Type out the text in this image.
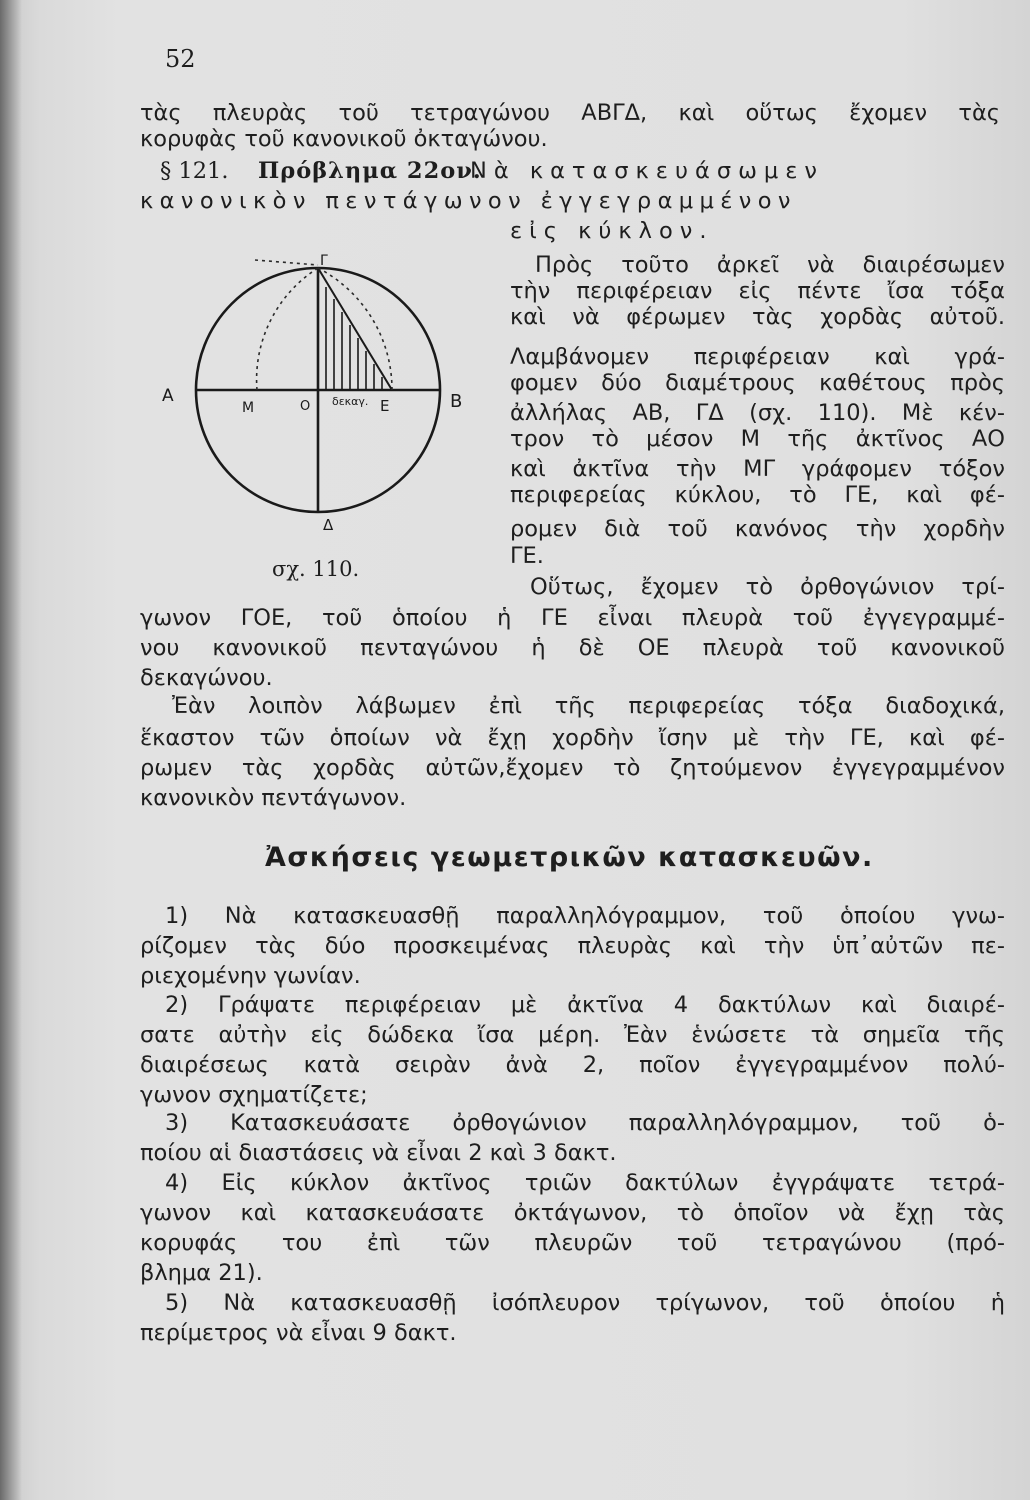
52
τὰς πλευρὰς τοῦ τετραγώνου ΑΒΓΔ, καὶ οὕτως ἔχομεν τὰς
κορυφὰς τοῦ κανονικοῦ ὀκταγώνου.
§ 121. Πρόβλημα 22ον.
Νὰ κατασκευάσωμεν
κανονικὸν πεντάγωνον ἐγγεγραμμένον
εἰς κύκλον.
Α	Β
Γ
Δ
Μ	Ο	Ε
δεκαγ.
σχ. 110.
Πρὸς τοῦτο ἀρκεῖ νὰ διαιρέσωμεν
τὴν περιφέρειαν εἰς πέντε ἴσα τόξα
καὶ νὰ φέρωμεν τὰς χορδὰς αὐτοῦ.
Λαμβάνομεν περιφέρειαν καὶ γρά-
φομεν δύο διαμέτρους καθέτους πρὸς
ἀλλήλας ΑΒ, ΓΔ (σχ. 110). Μὲ κέν-
τρον τὸ μέσον Μ τῆς ἀκτῖνος ΑΟ
καὶ ἀκτῖνα τὴν ΜΓ γράφομεν τόξον
περιφερείας κύκλου, τὸ ΓΕ, καὶ φέ-
ρομεν διὰ τοῦ κανόνος τὴν χορδὴν
ΓΕ.
Οὕτως, ἔχομεν τὸ ὀρθογώνιον τρί-
γωνον ΓΟΕ, τοῦ ὁποίου ἡ ΓΕ εἶναι πλευρὰ τοῦ ἐγγεγραμμέ-
νου κανονικοῦ πενταγώνου ἡ δὲ ΟΕ πλευρὰ τοῦ κανονικοῦ
δεκαγώνου.
Ἐὰν λοιπὸν λάβωμεν ἐπὶ τῆς περιφερείας τόξα διαδοχικά,
ἕκαστον τῶν ὁποίων νὰ ἔχῃ χορδὴν ἴσην μὲ τὴν ΓΕ, καὶ φέ-
ρωμεν τὰς χορδὰς αὐτῶν,ἔχομεν τὸ ζητούμενον ἐγγεγραμμένον
κανονικὸν πεντάγωνον.
Ἀσκήσεις γεωμετρικῶν κατασκευῶν.
1) Νὰ κατασκευασθῇ παραλληλόγραμμον, τοῦ ὁποίου γνω-
ρίζομεν τὰς δύο προσκειμένας πλευρὰς καὶ τὴν ὑπ᾿αὐτῶν πε-
ριεχομένην γωνίαν.
2) Γράψατε περιφέρειαν μὲ ἀκτῖνα 4 δακτύλων καὶ διαιρέ-
σατε αὐτὴν εἰς δώδεκα ἴσα μέρη. Ἐὰν ἑνώσετε τὰ σημεῖα τῆς
διαιρέσεως κατὰ σειρὰν ἀνὰ 2, ποῖον ἐγγεγραμμένον πολύ-
γωνον σχηματίζετε;
3) Κατασκευάσατε ὀρθογώνιον παραλληλόγραμμον, τοῦ ὁ-
ποίου αἱ διαστάσεις νὰ εἶναι 2 καὶ 3 δακτ.
4) Εἰς κύκλον ἀκτῖνος τριῶν δακτύλων ἐγγράψατε τετρά-
γωνον καὶ κατασκευάσατε ὀκτάγωνον, τὸ ὁποῖον νὰ ἔχῃ τὰς
κορυφάς του ἐπὶ τῶν πλευρῶν τοῦ τετραγώνου (πρό-
βλημα 21).
5) Νὰ κατασκευασθῇ ἰσόπλευρον τρίγωνον, τοῦ ὁποίου ἡ
περίμετρος νὰ εἶναι 9 δακτ.
